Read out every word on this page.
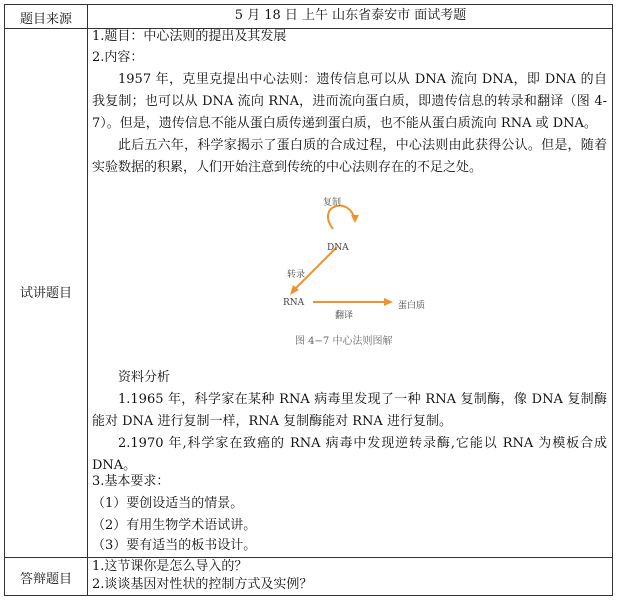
题目来源	5 月 18 日 上午 山东省泰安市 面试考题
试讲题目
答辩题目
1.题目：中心法则的提出及其发展
2.内容：
1957 年，克里克提出中心法则：遗传信息可以从 DNA 流向 DNA，即 DNA 的自我复制；也可以从 DNA 流向 RNA，进而流向蛋白质，即遗传信息的转录和翻译（图 4-7）。但是，遗传信息不能从蛋白质传递到蛋白质，也不能从蛋白质流向 RNA 或 DNA。
此后五六年，科学家揭示了蛋白质的合成过程，中心法则由此获得公认。但是，随着实验数据的积累，人们开始注意到传统的中心法则存在的不足之处。
复制
DNA
转录
RNA
翻译
蛋白质
图 4−7 中心法则图解
资料分析
1.1965 年，科学家在某种 RNA 病毒里发现了一种 RNA 复制酶，像 DNA 复制酶能对 DNA 进行复制一样，RNA 复制酶能对 RNA 进行复制。
2.1970 年,科学家在致癌的 RNA 病毒中发现逆转录酶,它能以 RNA 为模板合成 DNA。
3.基本要求：
（1）要创设适当的情景。
（2）有用生物学术语试讲。
（3）要有适当的板书设计。
1.这节课你是怎么导入的？
2.谈谈基因对性状的控制方式及实例？
